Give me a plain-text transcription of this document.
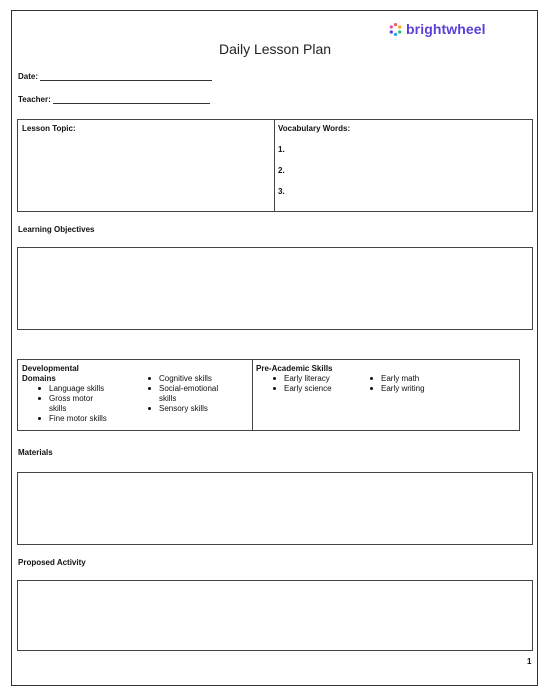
brightwheel
Daily Lesson Plan
Date:
Teacher:
Lesson Topic:	Vocabulary Words:
1.
2.
3.
Learning Objectives
Developmental
Domains
Language skills
Gross motor skills
Fine motor skills
Cognitive skills
Social-emotional skills
Sensory skills
Pre-Academic Skills
Early literacy
Early science
Early math
Early writing
Materials
Proposed Activity
1
